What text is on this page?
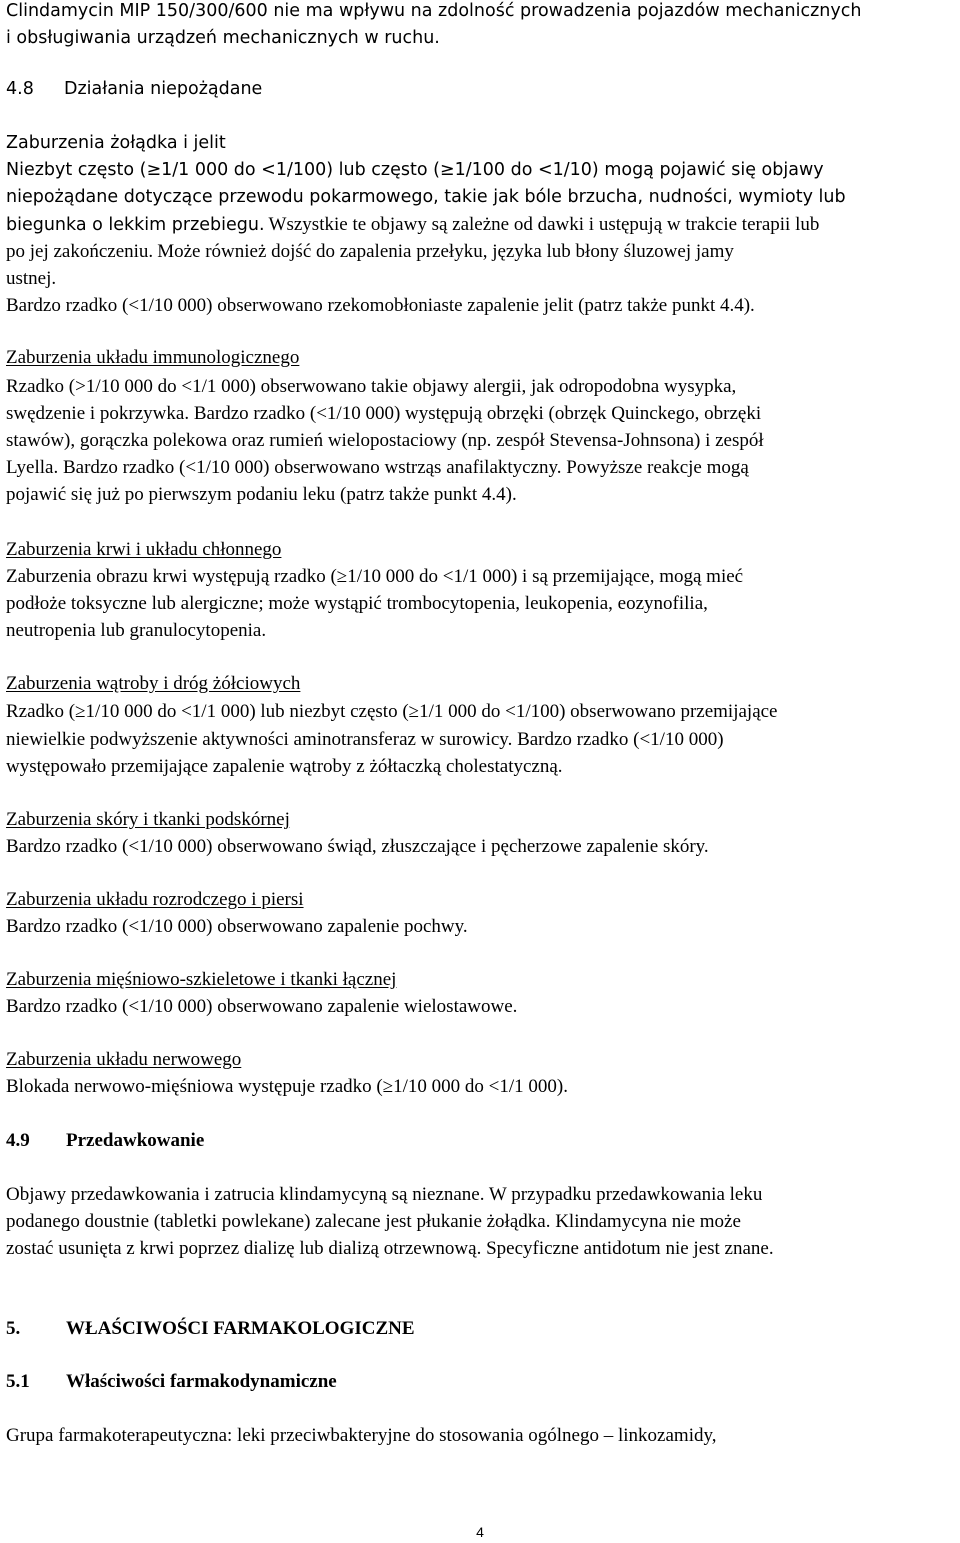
Clindamycin MIP 150/300/600 nie ma wpływu na zdolność prowadzenia pojazdów mechanicznych
i obsługiwania urządzeń mechanicznych w ruchu.
4.8 Działania niepożądane
Zaburzenia żołądka i jelit
Niezbyt często (≥1/1 000 do <1/100) lub często (≥1/100 do <1/10) mogą pojawić się objawy
niepożądane dotyczące przewodu pokarmowego, takie jak bóle brzucha, nudności, wymioty lub
biegunka o lekkim przebiegu. Wszystkie te objawy są zależne od dawki i ustępują w trakcie terapii lub
po jej zakończeniu. Może również dojść do zapalenia przełyku, języka lub błony śluzowej jamy
ustnej.
Bardzo rzadko (<1/10 000) obserwowano rzekomobłoniaste zapalenie jelit (patrz także punkt 4.4).
Zaburzenia układu immunologicznego
Rzadko (>1/10 000 do <1/1 000) obserwowano takie objawy alergii, jak odropodobna wysypka,
swędzenie i pokrzywka. Bardzo rzadko (<1/10 000) występują obrzęki (obrzęk Quinckego, obrzęki
stawów), gorączka polekowa oraz rumień wielopostaciowy (np. zespół Stevensa-Johnsona) i zespół
Lyella. Bardzo rzadko (<1/10 000) obserwowano wstrząs anafilaktyczny. Powyższe reakcje mogą
pojawić się już po pierwszym podaniu leku (patrz także punkt 4.4).
Zaburzenia krwi i układu chłonnego
Zaburzenia obrazu krwi występują rzadko (≥1/10 000 do <1/1 000) i są przemijające, mogą mieć
podłoże toksyczne lub alergiczne; może wystąpić trombocytopenia, leukopenia, eozynofilia,
neutropenia lub granulocytopenia.
Zaburzenia wątroby i dróg żółciowych
Rzadko (≥1/10 000 do <1/1 000) lub niezbyt często (≥1/1 000 do <1/100) obserwowano przemijające
niewielkie podwyższenie aktywności aminotransferaz w surowicy. Bardzo rzadko (<1/10 000)
występowało przemijające zapalenie wątroby z żółtaczką cholestatyczną.
Zaburzenia skóry i tkanki podskórnej
Bardzo rzadko (<1/10 000) obserwowano świąd, złuszczające i pęcherzowe zapalenie skóry.
Zaburzenia układu rozrodczego i piersi
Bardzo rzadko (<1/10 000) obserwowano zapalenie pochwy.
Zaburzenia mięśniowo-szkieletowe i tkanki łącznej
Bardzo rzadko (<1/10 000) obserwowano zapalenie wielostawowe.
Zaburzenia układu nerwowego
Blokada nerwowo-mięśniowa występuje rzadko (≥1/10 000 do <1/1 000).
4.9 Przedawkowanie
Objawy przedawkowania i zatrucia klindamycyną są nieznane. W przypadku przedawkowania leku
podanego doustnie (tabletki powlekane) zalecane jest płukanie żołądka. Klindamycyna nie może
zostać usunięta z krwi poprzez dializę lub dializą otrzewnową. Specyficzne antidotum nie jest znane.
5. WŁAŚCIWOŚCI FARMAKOLOGICZNE
5.1 Właściwości farmakodynamiczne
Grupa farmakoterapeutyczna: leki przeciwbakteryjne do stosowania ogólnego – linkozamidy,
4
